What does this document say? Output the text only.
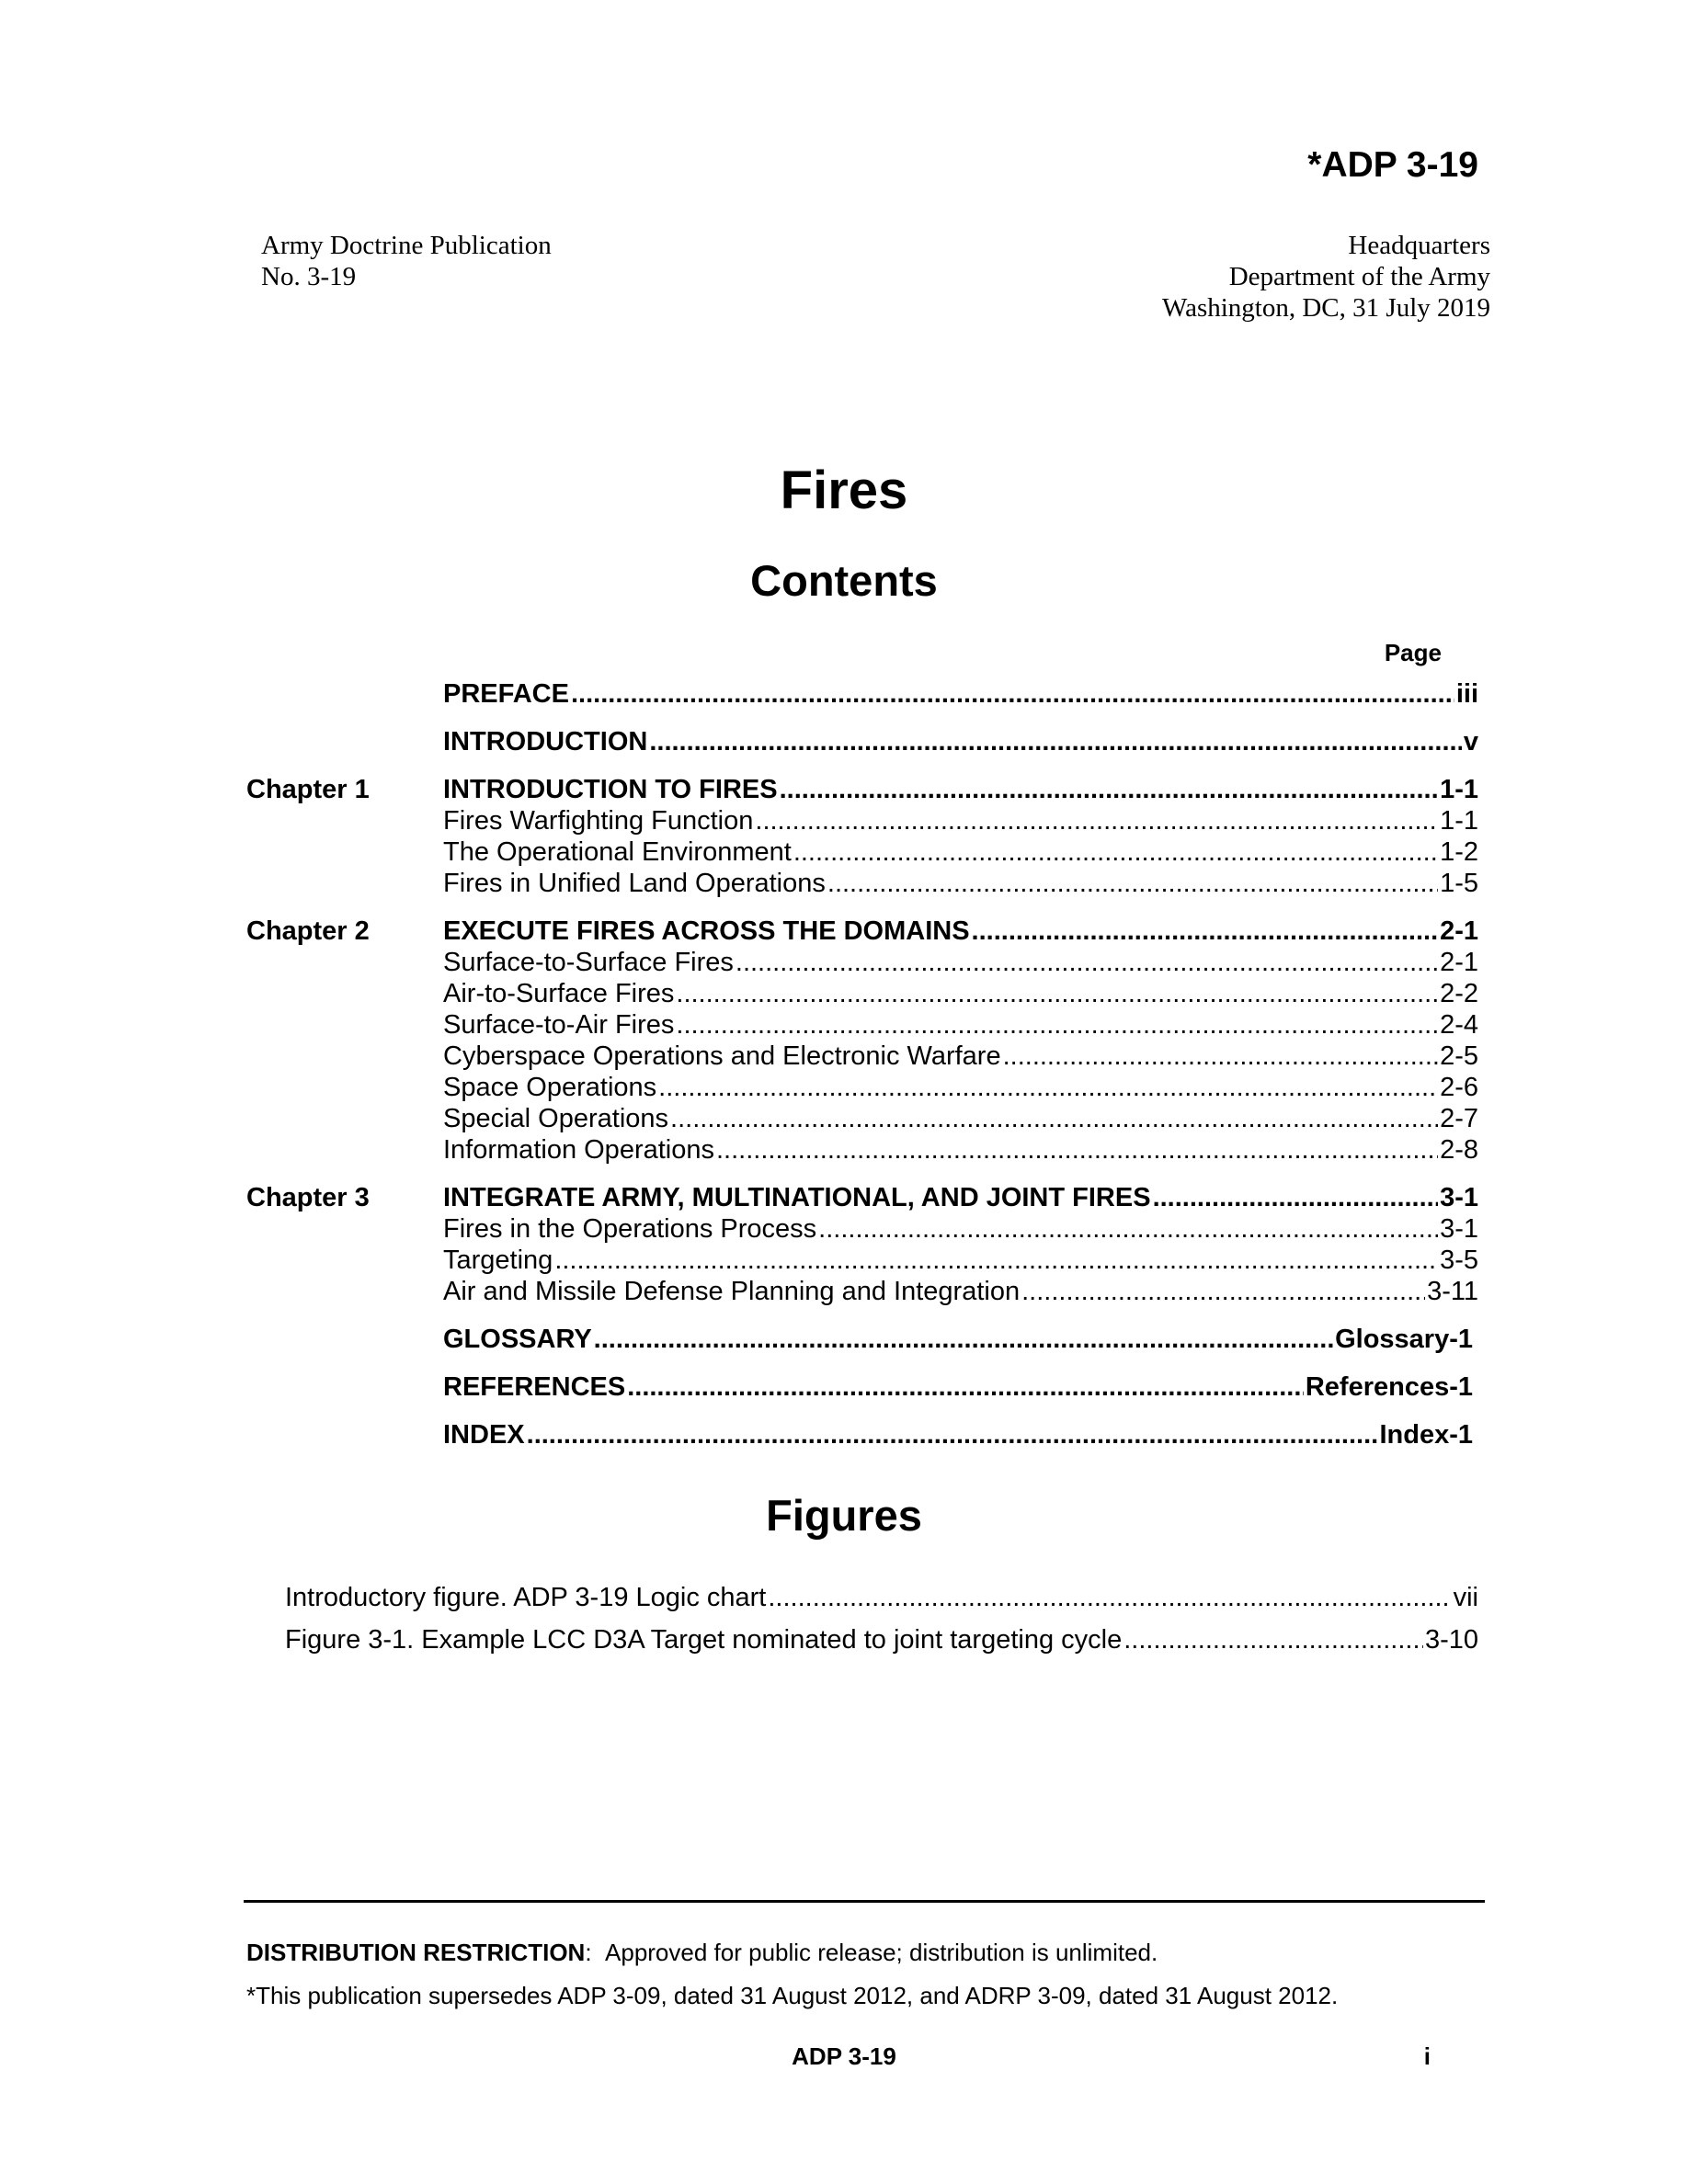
*ADP 3-19
Army Doctrine Publication
No. 3-19
Headquarters
Department of the Army
Washington, DC, 31 July 2019
Fires
Contents
Page
PREFACE .....	iii
INTRODUCTION .....	v
Chapter 1	INTRODUCTION TO FIRES .....	1-1
Fires Warfighting Function .....	1-1
The Operational Environment .....	1-2
Fires in Unified Land Operations .....	1-5
Chapter 2	EXECUTE FIRES ACROSS THE DOMAINS .....	2-1
Surface-to-Surface Fires .....	2-1
Air-to-Surface Fires .....	2-2
Surface-to-Air Fires .....	2-4
Cyberspace Operations and Electronic Warfare .....	2-5
Space Operations .....	2-6
Special Operations .....	2-7
Information Operations .....	2-8
Chapter 3	INTEGRATE ARMY, MULTINATIONAL, AND JOINT FIRES .....	3-1
Fires in the Operations Process .....	3-1
Targeting .....	3-5
Air and Missile Defense Planning and Integration .....	3-11
GLOSSARY .....	Glossary-1
REFERENCES .....	References-1
INDEX .....	Index-1
Figures
Introductory figure. ADP 3-19 Logic chart .....	vii
Figure 3-1. Example LCC D3A Target nominated to joint targeting cycle .....	3-10
DISTRIBUTION RESTRICTION:  Approved for public release; distribution is unlimited.
*This publication supersedes ADP 3-09, dated 31 August 2012, and ADRP 3-09, dated 31 August 2012.
ADP 3-19	i
